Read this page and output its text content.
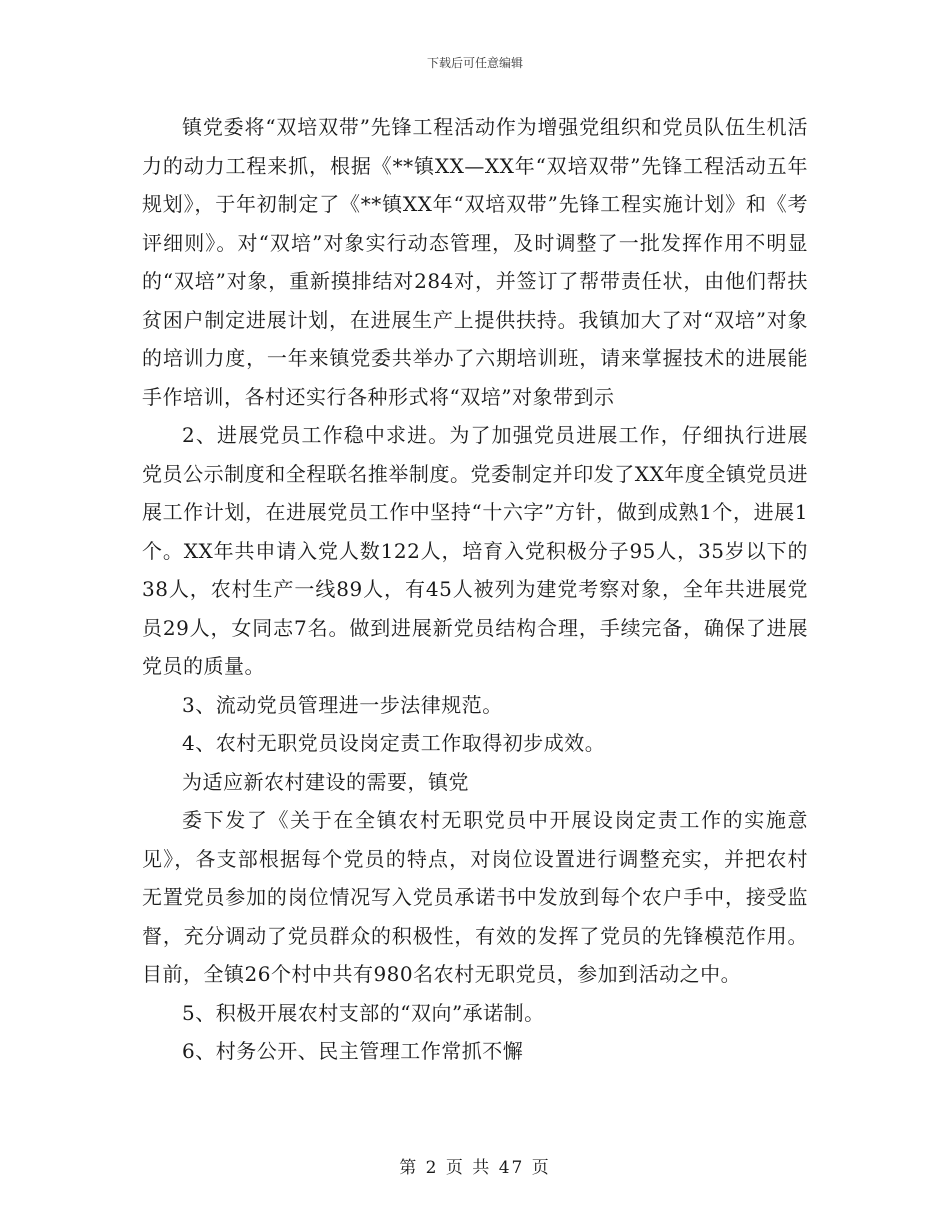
下载后可任意编辑

镇党委将“双培双带”先锋工程活动作为增强党组织和党员队伍生机活力的动力工程来抓，根据《**镇XX—XX年“双培双带”先锋工程活动五年规划》，于年初制定了《**镇XX年“双培双带”先锋工程实施计划》和《考评细则》。对“双培”对象实行动态管理，及时调整了一批发挥作用不明显的“双培”对象，重新摸排结对284对，并签订了帮带责任状，由他们帮扶贫困户制定进展计划，在进展生产上提供扶持。我镇加大了对“双培”对象的培训力度，一年来镇党委共举办了六期培训班，请来掌握技术的进展能手作培训，各村还实行各种形式将“双培”对象带到示

2、进展党员工作稳中求进。为了加强党员进展工作，仔细执行进展党员公示制度和全程联名推举制度。党委制定并印发了XX年度全镇党员进展工作计划，在进展党员工作中坚持“十六字”方针，做到成熟1个，进展1个。XX年共申请入党人数122人，培育入党积极分子95人，35岁以下的38人，农村生产一线89人，有45人被列为建党考察对象，全年共进展党员29人，女同志7名。做到进展新党员结构合理，手续完备，确保了进展党员的质量。

3、流动党员管理进一步法律规范。

4、农村无职党员设岗定责工作取得初步成效。

为适应新农村建设的需要，镇党

委下发了《关于在全镇农村无职党员中开展设岗定责工作的实施意见》，各支部根据每个党员的特点，对岗位设置进行调整充实，并把农村无置党员参加的岗位情况写入党员承诺书中发放到每个农户手中，接受监督，充分调动了党员群众的积极性，有效的发挥了党员的先锋模范作用。目前，全镇26个村中共有980名农村无职党员，参加到活动之中。

5、积极开展农村支部的“双向”承诺制。

6、村务公开、民主管理工作常抓不懈

第 2 页 共 47 页
